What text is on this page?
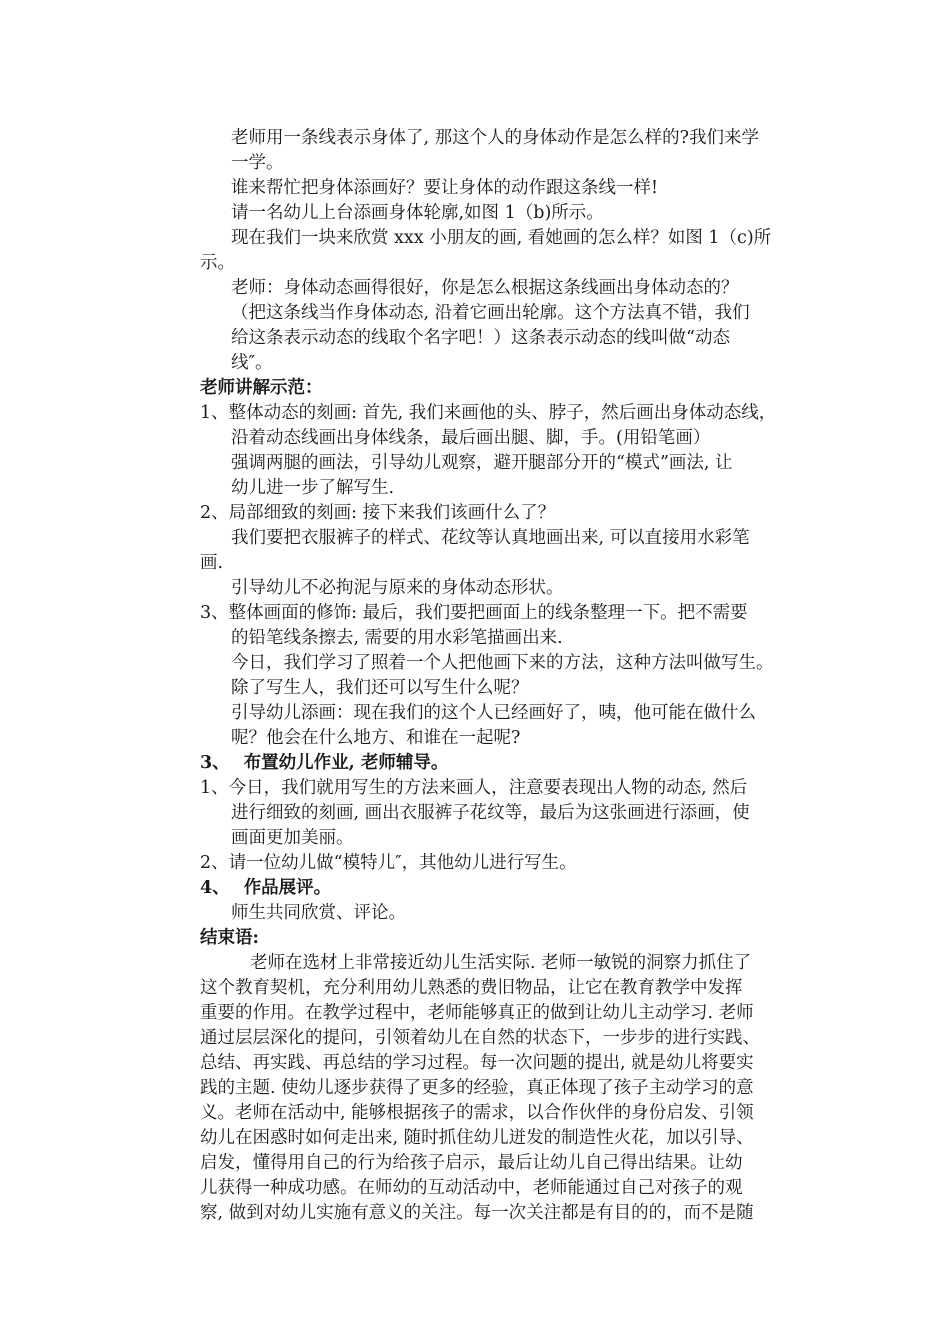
老师用一条线表示身体了, 那这个人的身体动作是怎么样的?我们来学
一学。
谁来帮忙把身体添画好？要让身体的动作跟这条线一样!
请一名幼儿上台添画身体轮廓,如图 1（b)所示。
现在我们一块来欣赏 xxx 小朋友的画, 看她画的怎么样？如图 1（c)所
示。
老师：身体动态画得很好，你是怎么根据这条线画出身体动态的？
（把这条线当作身体动态, 沿着它画出轮廓。这个方法真不错，我们
给这条表示动态的线取个名字吧！）这条表示动态的线叫做“动态
线″。
老师讲解示范：
1、整体动态的刻画: 首先, 我们来画他的头、脖子，然后画出身体动态线，
沿着动态线画出身体线条，最后画出腿、脚，手。(用铅笔画）
强调两腿的画法，引导幼儿观察，避开腿部分开的“模式”画法, 让
幼儿进一步了解写生.
2、局部细致的刻画: 接下来我们该画什么了？
我们要把衣服裤子的样式、花纹等认真地画出来, 可以直接用水彩笔
画.
引导幼儿不必拘泥与原来的身体动态形状。
3、整体画面的修饰: 最后，我们要把画面上的线条整理一下。把不需要
的铅笔线条擦去, 需要的用水彩笔描画出来.
今日，我们学习了照着一个人把他画下来的方法，这种方法叫做写生。
除了写生人，我们还可以写生什么呢？
引导幼儿添画：现在我们的这个人已经画好了，咦，他可能在做什么
呢？他会在什么地方、和谁在一起呢?
3、 布置幼儿作业, 老师辅导。
1、今日，我们就用写生的方法来画人，注意要表现出人物的动态, 然后
进行细致的刻画, 画出衣服裤子花纹等，最后为这张画进行添画，使
画面更加美丽。
2、请一位幼儿做“模特儿″，其他幼儿进行写生。
4、 作品展评。
师生共同欣赏、评论。
结束语:
老师在选材上非常接近幼儿生活实际. 老师一敏锐的洞察力抓住了
这个教育契机，充分利用幼儿熟悉的费旧物品，让它在教育教学中发挥
重要的作用。在教学过程中，老师能够真正的做到让幼儿主动学习. 老师
通过层层深化的提问，引领着幼儿在自然的状态下，一步步的进行实践、
总结、再实践、再总结的学习过程。每一次问题的提出, 就是幼儿将要实
践的主题. 使幼儿逐步获得了更多的经验，真正体现了孩子主动学习的意
义。老师在活动中, 能够根据孩子的需求，以合作伙伴的身份启发、引领
幼儿在困惑时如何走出来, 随时抓住幼儿迸发的制造性火花，加以引导、
启发，懂得用自己的行为给孩子启示，最后让幼儿自己得出结果。让幼
儿获得一种成功感。在师幼的互动活动中，老师能通过自己对孩子的观
察, 做到对幼儿实施有意义的关注。每一次关注都是有目的的，而不是随
